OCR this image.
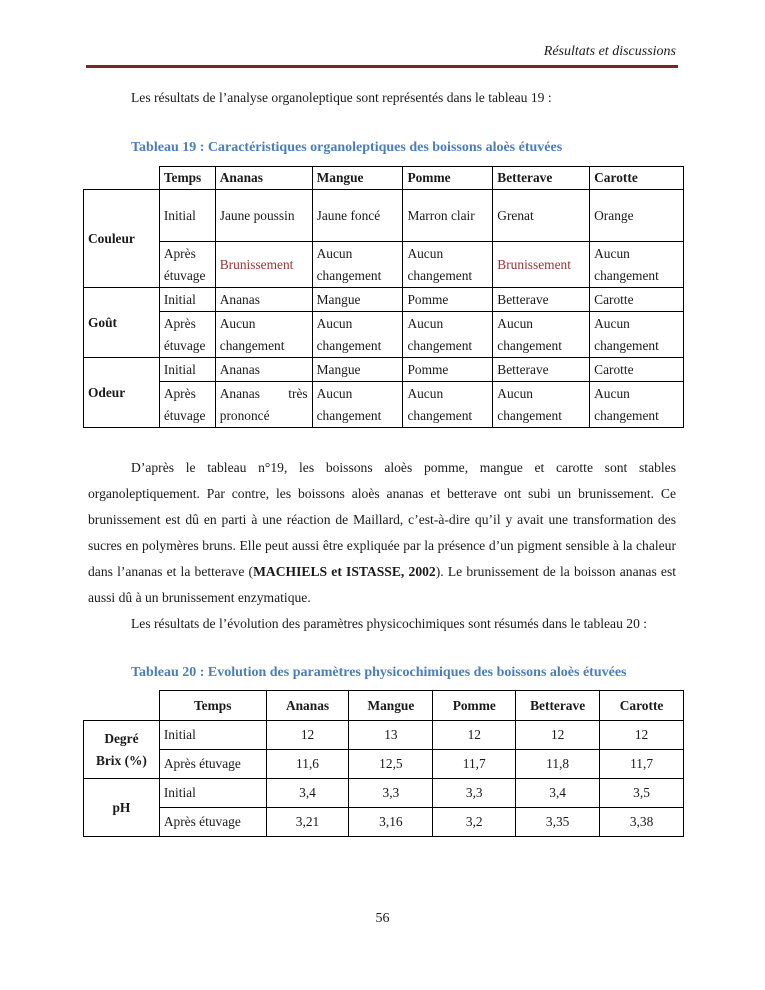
Résultats et discussions
Les résultats de l’analyse organoleptique sont représentés dans le tableau 19 :
Tableau 19 : Caractéristiques organoleptiques des boissons aloès étuvées
	Temps	Ananas	Mangue	Pomme	Betterave	Carotte
Couleur	Initial	Jaune poussin	Jaune foncé	Marron clair	Grenat	Orange
	Après étuvage	Brunissement	Aucun changement	Aucun changement	Brunissement	Aucun changement
Goût	Initial	Ananas	Mangue	Pomme	Betterave	Carotte
	Après étuvage	Aucun changement	Aucun changement	Aucun changement	Aucun changement	Aucun changement
Odeur	Initial	Ananas	Mangue	Pomme	Betterave	Carotte
	Après étuvage	Ananas très prononcé	Aucun changement	Aucun changement	Aucun changement	Aucun changement
D’après le tableau n°19, les boissons aloès pomme, mangue et carotte sont stables organoleptiquement. Par contre, les boissons aloès ananas et betterave ont subi un brunissement. Ce brunissement est dû en parti à une réaction de Maillard, c’est-à-dire qu’il y avait une transformation des sucres en polymères bruns. Elle peut aussi être expliquée par la présence d’un pigment sensible à la chaleur dans l’ananas et la betterave (MACHIELS et ISTASSE, 2002). Le brunissement de la boisson ananas est aussi dû à un brunissement enzymatique.
Les résultats de l’évolution des paramètres physicochimiques sont résumés dans le tableau 20 :
Tableau 20 : Evolution des paramètres physicochimiques des boissons aloès étuvées
	Temps	Ananas	Mangue	Pomme	Betterave	Carotte
Degré
Brix (%)	Initial	12	13	12	12	12
	Après étuvage	11,6	12,5	11,7	11,8	11,7
pH	Initial	3,4	3,3	3,3	3,4	3,5
	Après étuvage	3,21	3,16	3,2	3,35	3,38
56
